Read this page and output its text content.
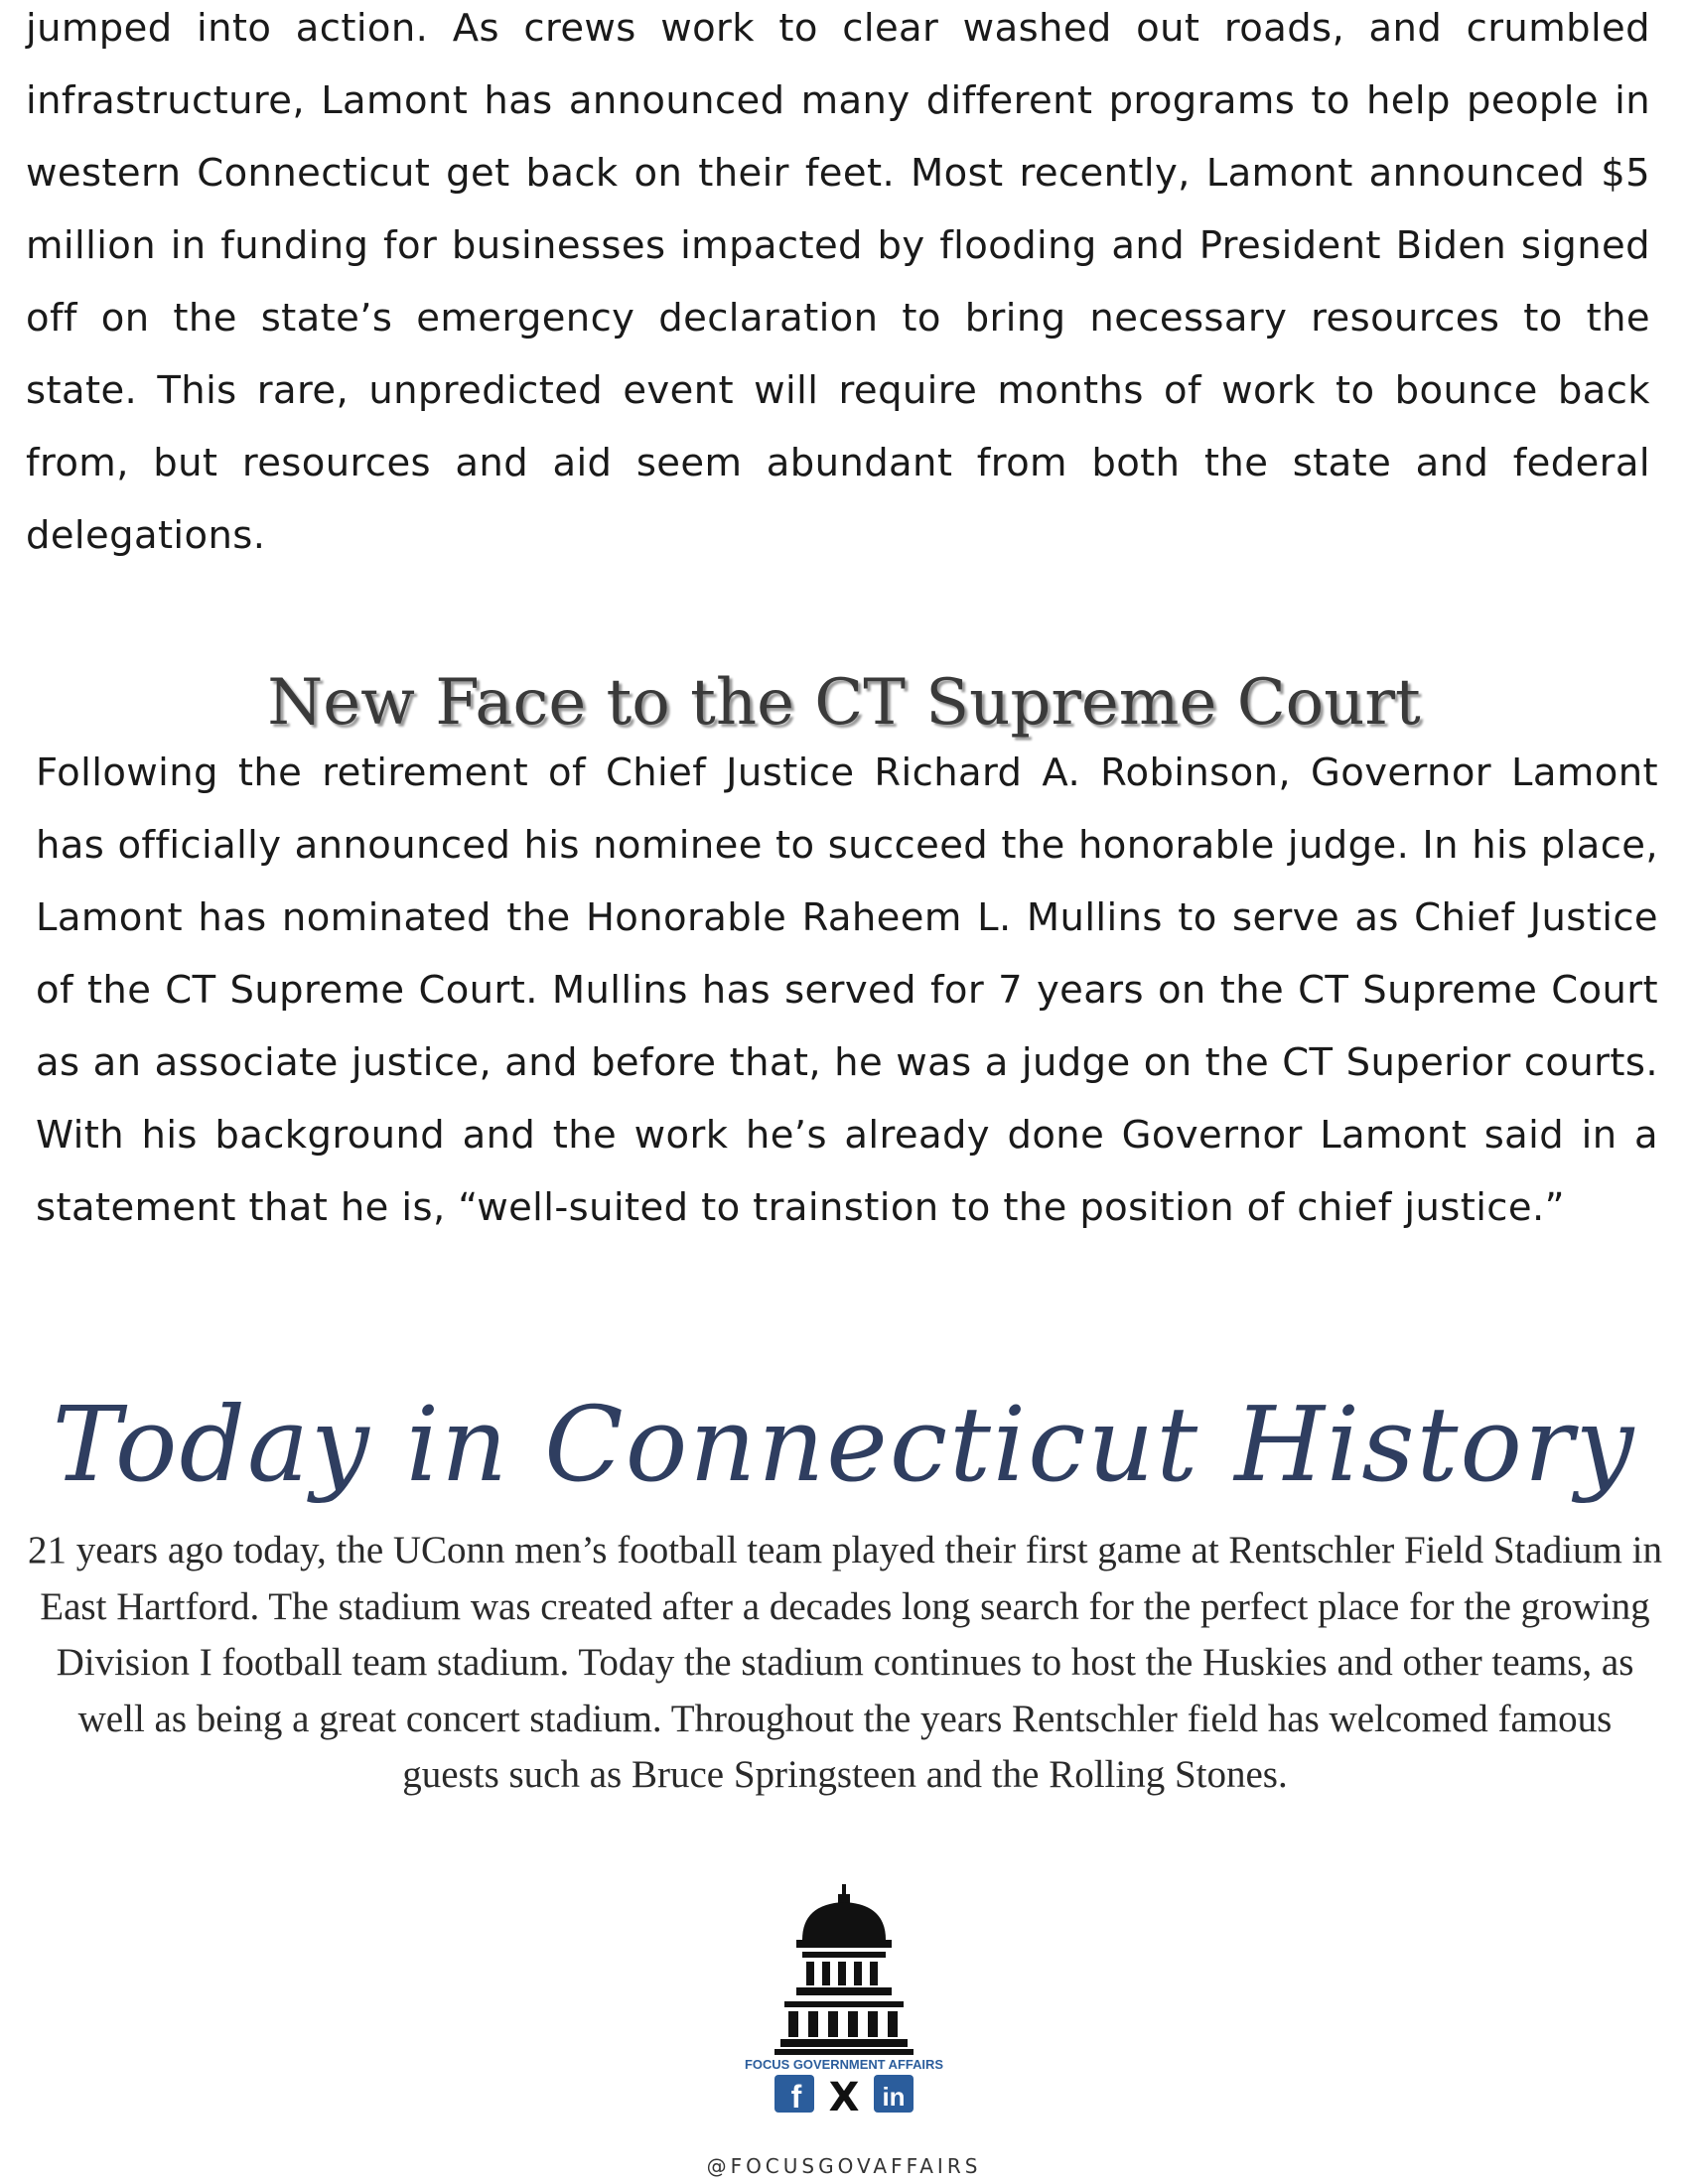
jumped into action. As crews work to clear washed out roads, and crumbled infrastructure, Lamont has announced many different programs to help people in western Connecticut get back on their feet. Most recently, Lamont announced $5 million in funding for businesses impacted by flooding and President Biden signed off on the state’s emergency declaration to bring necessary resources to the state. This rare, unpredicted event will require months of work to bounce back from, but resources and aid seem abundant from both the state and federal delegations.

New Face to the CT Supreme Court

Following the retirement of Chief Justice Richard A. Robinson, Governor Lamont has officially announced his nominee to succeed the honorable judge. In his place, Lamont has nominated the Honorable Raheem L. Mullins to serve as Chief Justice of the CT Supreme Court. Mullins has served for 7 years on the CT Supreme Court as an associate justice, and before that, he was a judge on the CT Superior courts. With his background and the work he’s already done Governor Lamont said in a statement that he is, “well-suited to trainstion to the position of chief justice.”

Today in Connecticut History

21 years ago today, the UConn men’s football team played their first game at Rentschler Field Stadium in East Hartford. The stadium was created after a decades long search for the perfect place for the growing Division I football team stadium. Today the stadium continues to host the Huskies and other teams, as well as being a great concert stadium. Throughout the years Rentschler field has welcomed famous guests such as Bruce Springsteen and the Rolling Stones.

FOCUS GOVERNMENT AFFAIRS
f X in
@FOCUSGOVAFFAIRS
